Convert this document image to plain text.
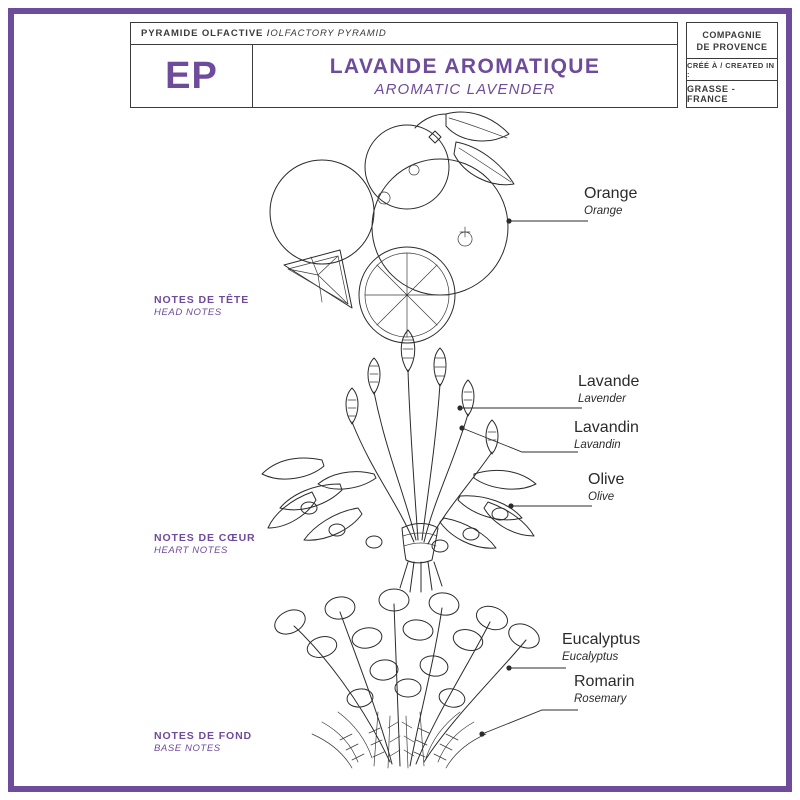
PYRAMIDE OLFACTIVE / OLFACTORY PYRAMID
EP	LAVANDE AROMATIQUE
AROMATIC LAVENDER
COMPAGNIE
DE PROVENCE
CRÉÉ À / CREATED IN :
GRASSE - FRANCE
NOTES DE TÊTE
HEAD NOTES
NOTES DE CŒUR
HEART NOTES
NOTES DE FOND
BASE NOTES
Orange
Orange
Lavande
Lavender
Lavandin
Lavandin
Olive
Olive
Eucalyptus
Eucalyptus
Romarin
Rosemary
